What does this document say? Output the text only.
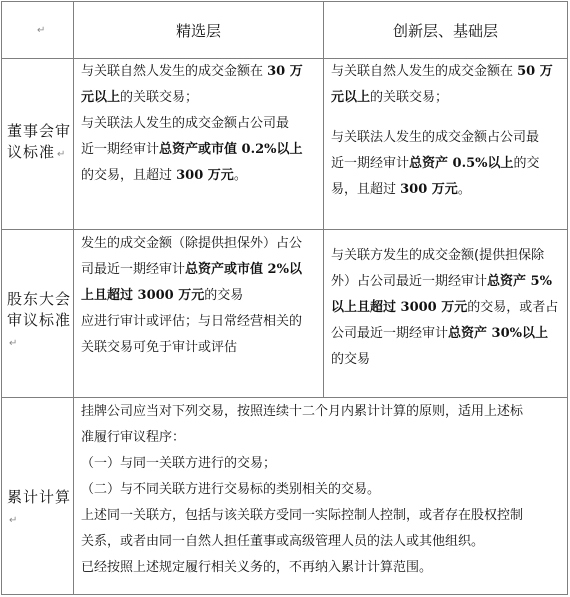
↵	精选层	创新层、基础层
董事会审
议标准 ↵
股东大会
审议标准↵
累计计算↵
与关联自然人发生的成交金额在 30 万
元以上的关联交易；
与关联法人发生的成交金额占公司最
近一期经审计总资产或市值 0.2%以上
的交易，且超过 300 万元。
与关联自然人发生的成交金额在 50 万
元以上的关联交易；
与关联法人发生的成交金额占公司最
近一期经审计总资产 0.5%以上的交
易，且超过 300 万元。
发生的成交金额（除提供担保外）占公
司最近一期经审计总资产或市值 2%以
上且超过 3000 万元的交易
应进行审计或评估；与日常经营相关的
关联交易可免于审计或评估
与关联方发生的成交金额(提供担保除
外）占公司最近一期经审计总资产 5%
以上且超过 3000 万元的交易，或者占
公司最近一期经审计总资产 30%以上
的交易
挂牌公司应当对下列交易，按照连续十二个月内累计计算的原则，适用上述标
准履行审议程序：
（一）与同一关联方进行的交易；
（二）与不同关联方进行交易标的类别相关的交易。
上述同一关联方，包括与该关联方受同一实际控制人控制，或者存在股权控制
关系，或者由同一自然人担任董事或高级管理人员的法人或其他组织。
已经按照上述规定履行相关义务的，不再纳入累计计算范围。
